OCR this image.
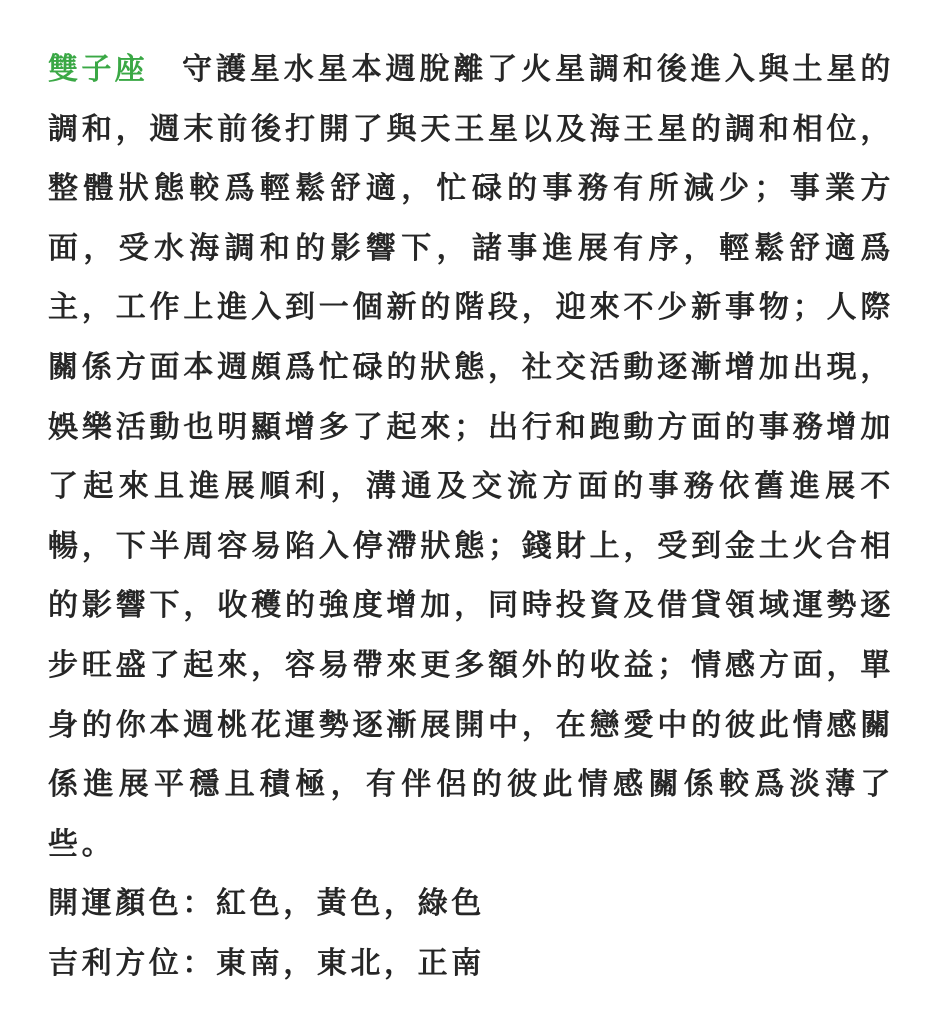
雙子座 守護星水星本週脫離了火星調和後進入與土星的調和，週末前後打開了與天王星以及海王星的調和相位，整體狀態較爲輕鬆舒適，忙碌的事務有所減少；事業方面，受水海調和的影響下，諸事進展有序，輕鬆舒適爲主，工作上進入到一個新的階段，迎來不少新事物；人際關係方面本週頗爲忙碌的狀態，社交活動逐漸增加出現，娛樂活動也明顯增多了起來；出行和跑動方面的事務增加了起來且進展順利，溝通及交流方面的事務依舊進展不暢，下半周容易陷入停滯狀態；錢財上，受到金土火合相的影響下，收穫的強度增加，同時投資及借貸領域運勢逐步旺盛了起來，容易帶來更多額外的收益；情感方面，單身的你本週桃花運勢逐漸展開中，在戀愛中的彼此情感關係進展平穩且積極，有伴侶的彼此情感關係較爲淡薄了些。

開運顏色：紅色，黃色，綠色

吉利方位：東南，東北，正南
